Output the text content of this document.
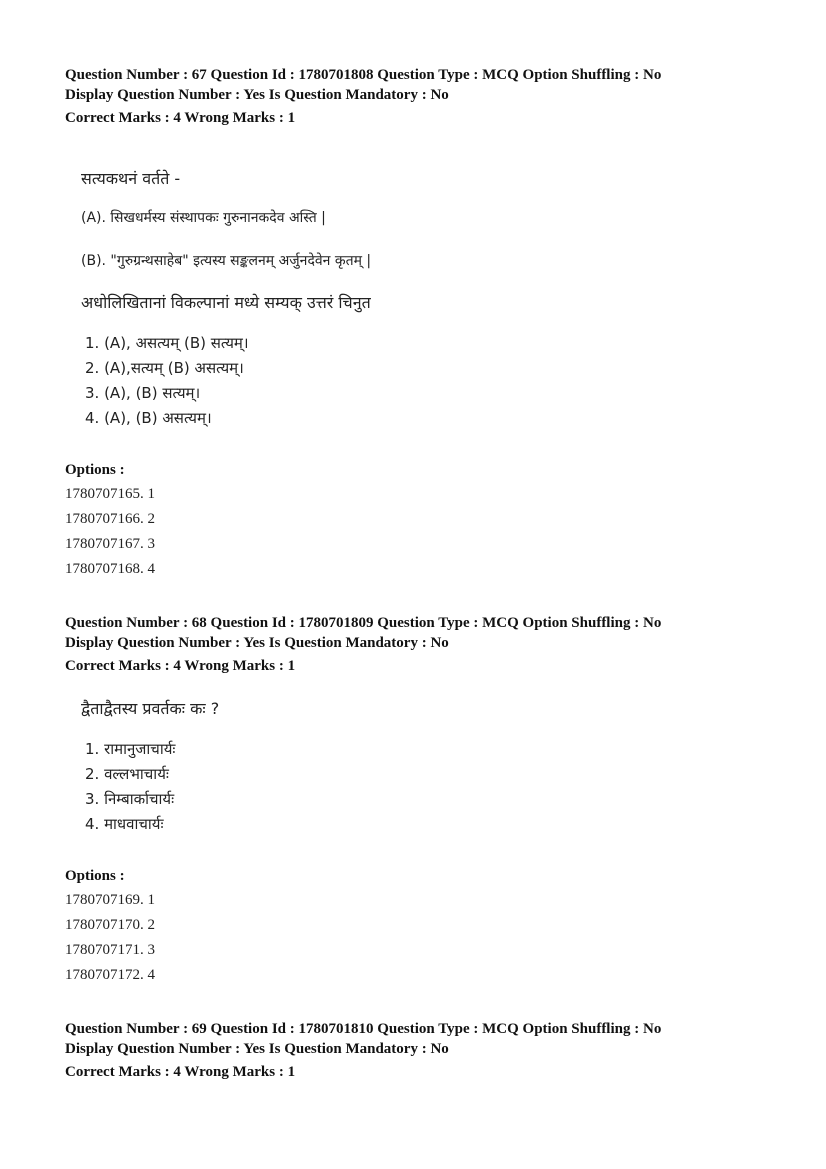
Question Number : 67 Question Id : 1780701808 Question Type : MCQ Option Shuffling : No

Display Question Number : Yes Is Question Mandatory : No

Correct Marks : 4 Wrong Marks : 1

सत्यकथनं वर्तते -

(A). सिखधर्मस्य संस्थापकः गुरुनानकदेव अस्ति |

(B). "गुरुग्रन्थसाहेब" इत्यस्य सङ्कलनम् अर्जुनदेवेन कृतम् |

अधोलिखितानां विकल्पानां मध्ये सम्यक् उत्तरं चिनुत

1. (A), असत्यम् (B) सत्यम्।
2. (A),सत्यम् (B) असत्यम्।
3. (A), (B) सत्यम्।
4. (A), (B) असत्यम्।
Options :
1780707165. 1
1780707166. 2
1780707167. 3
1780707168. 4

Question Number : 68 Question Id : 1780701809 Question Type : MCQ Option Shuffling : No

Display Question Number : Yes Is Question Mandatory : No

Correct Marks : 4 Wrong Marks : 1

द्वैताद्वैतस्य प्रवर्तकः कः ?

1. रामानुजाचार्यः
2. वल्लभाचार्यः
3. निम्बार्काचार्यः
4. माधवाचार्यः
Options :
1780707169. 1
1780707170. 2
1780707171. 3
1780707172. 4

Question Number : 69 Question Id : 1780701810 Question Type : MCQ Option Shuffling : No

Display Question Number : Yes Is Question Mandatory : No

Correct Marks : 4 Wrong Marks : 1
